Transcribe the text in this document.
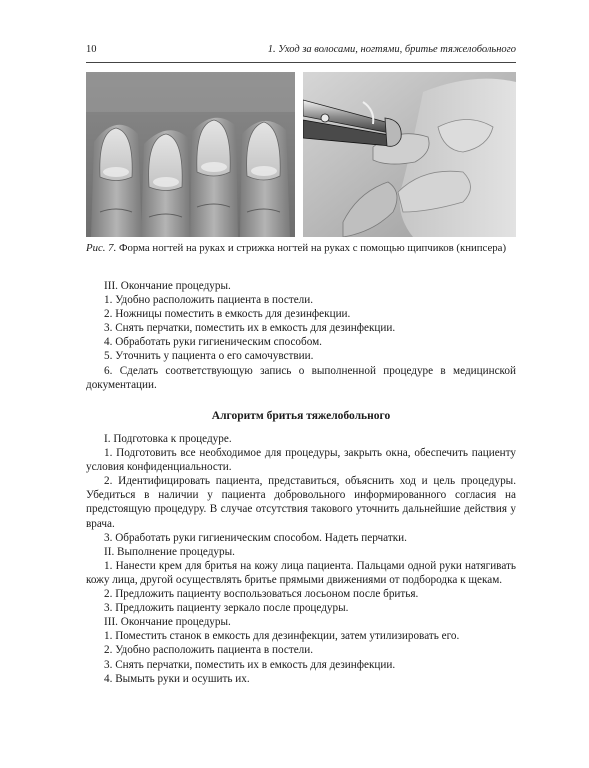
10	1. Уход за волосами, ногтями, бритье тяжелобольного
Рис. 7. Форма ногтей на руках и стрижка ногтей на руках с помощью щипчиков (книпсера)

III. Окончание процедуры.

1. Удобно расположить пациента в постели.

2. Ножницы поместить в емкость для дезинфекции.

3. Снять перчатки, поместить их в емкость для дезинфекции.

4. Обработать руки гигиеническим способом.

5. Уточнить у пациента о его самочувствии.

6. Сделать соответствующую запись о выполненной процедуре в медицинской документации.

Алгоритм бритья тяжелобольного

I. Подготовка к процедуре.

1. Подготовить все необходимое для процедуры, закрыть окна, обеспечить пациенту условия конфиденциальности.

2. Идентифицировать пациента, представиться, объяснить ход и цель процедуры. Убедиться в наличии у пациента добровольного информированного согласия на предстоящую процедуру. В случае отсутствия такового уточнить дальнейшие действия у врача.

3. Обработать руки гигиеническим способом. Надеть перчатки.

II. Выполнение процедуры.

1. Нанести крем для бритья на кожу лица пациента. Пальцами одной руки натягивать кожу лица, другой осуществлять бритье прямыми движениями от подбородка к щекам.

2. Предложить пациенту воспользоваться лосьоном после бритья.

3. Предложить пациенту зеркало после процедуры.

III. Окончание процедуры.

1. Поместить станок в емкость для дезинфекции, затем утилизировать его.

2. Удобно расположить пациента в постели.

3. Снять перчатки, поместить их в емкость для дезинфекции.

4. Вымыть руки и осушить их.
